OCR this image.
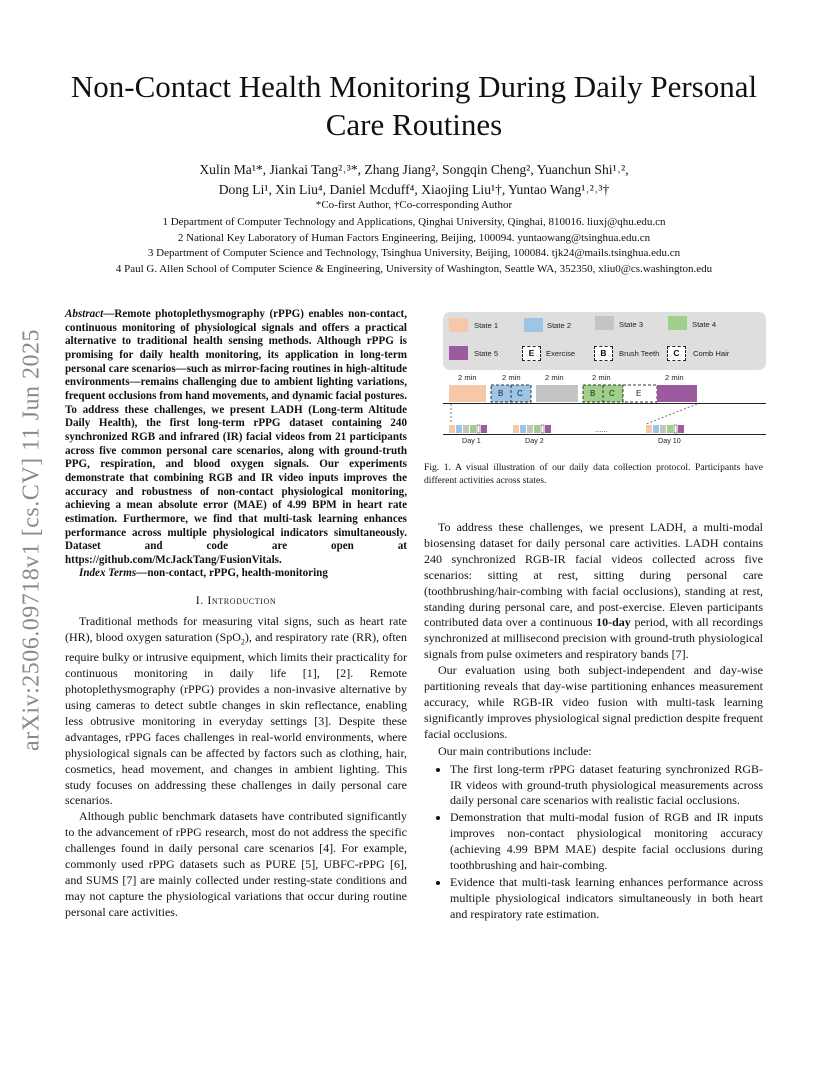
arXiv:2506.09718v1 [cs.CV] 11 Jun 2025
Non-Contact Health Monitoring During Daily Personal Care Routines
Xulin Ma¹*, Jiankai Tang²˒³*, Zhang Jiang², Songqin Cheng², Yuanchun Shi¹˒²,
Dong Li¹, Xin Liu⁴, Daniel Mcduff⁴, Xiaojing Liu¹†, Yuntao Wang¹˒²˒³†
*Co-first Author, †Co-corresponding Author
1 Department of Computer Technology and Applications, Qinghai University, Qinghai, 810016. liuxj@qhu.edu.cn
2 National Key Laboratory of Human Factors Engineering, Beijing, 100094. yuntaowang@tsinghua.edu.cn
3 Department of Computer Science and Technology, Tsinghua University, Beijing, 100084. tjk24@mails.tsinghua.edu.cn
4 Paul G. Allen School of Computer Science & Engineering, University of Washington, Seattle WA, 352350, xliu0@cs.washington.edu

Abstract—Remote photoplethysmography (rPPG) enables non-contact, continuous monitoring of physiological signals and offers a practical alternative to traditional health sensing methods. Although rPPG is promising for daily health monitoring, its application in long-term personal care scenarios—such as mirror-facing routines in high-altitude environments—remains challenging due to ambient lighting variations, frequent occlusions from hand movements, and dynamic facial postures. To address these challenges, we present LADH (Long-term Altitude Daily Health), the first long-term rPPG dataset containing 240 synchronized RGB and infrared (IR) facial videos from 21 participants across five common personal care scenarios, along with ground-truth PPG, respiration, and blood oxygen signals. Our experiments demonstrate that combining RGB and IR video inputs improves the accuracy and robustness of non-contact physiological monitoring, achieving a mean absolute error (MAE) of 4.99 BPM in heart rate estimation. Furthermore, we find that multi-task learning enhances performance across multiple physiological indicators simultaneously. Dataset and code are open at https://github.com/McJackTang/FusionVitals.

Index Terms—non-contact, rPPG, health-monitoring

I. Introduction

Traditional methods for measuring vital signs, such as heart rate (HR), blood oxygen saturation (SpO$_2$), and respiratory rate (RR), often require bulky or intrusive equipment, which limits their practicality for continuous monitoring in daily life [1], [2]. Remote photoplethysmography (rPPG) provides a non-invasive alternative by using cameras to detect subtle changes in skin reflectance, enabling less obtrusive monitoring in everyday settings [3]. Despite these advantages, rPPG faces challenges in real-world environments, where physiological signals can be affected by factors such as clothing, hair, cosmetics, head movement, and changes in ambient lighting. This study focuses on addressing these challenges in daily personal care scenarios.

Although public benchmark datasets have contributed significantly to the advancement of rPPG research, most do not address the specific challenges found in daily personal care scenarios [4]. For example, commonly used rPPG datasets such as PURE [5], UBFC-rPPG [6], and SUMS [7] are mainly collected under resting-state conditions and may not capture the physiological variations that occur during routine personal care activities.

State 1	State 2	State 3	State 4
State 5	E	Exercise	B	Brush Teeth	C	Comb Hair
2 min	2 min	2 min	2 min	2 min
B C	B C	E
......
Day 1	Day 2	Day 10
Fig. 1. A visual illustration of our daily data collection protocol. Participants have different activities across states.

To address these challenges, we present LADH, a multi-modal biosensing dataset for daily personal care activities. LADH contains 240 synchronized RGB-IR facial videos collected across five scenarios: sitting at rest, sitting during personal care (toothbrushing/hair-combing with facial occlusions), standing at rest, standing during personal care, and post-exercise. Eleven participants contributed data over a continuous 10-day period, with all recordings synchronized at millisecond precision with ground-truth physiological signals from pulse oximeters and respiratory bands [7].

Our evaluation using both subject-independent and day-wise partitioning reveals that day-wise partitioning enhances measurement accuracy, while RGB-IR video fusion with multi-task learning significantly improves physiological signal prediction despite frequent facial occlusions.

Our main contributions include:

• The first long-term rPPG dataset featuring synchronized RGB-IR videos with ground-truth physiological measurements across daily personal care scenarios with realistic facial occlusions.
• Demonstration that multi-modal fusion of RGB and IR inputs improves non-contact physiological monitoring accuracy (achieving 4.99 BPM MAE) despite facial occlusions during toothbrushing and hair-combing.
• Evidence that multi-task learning enhances performance across multiple physiological indicators simultaneously in both heart and respiratory rate estimation.
